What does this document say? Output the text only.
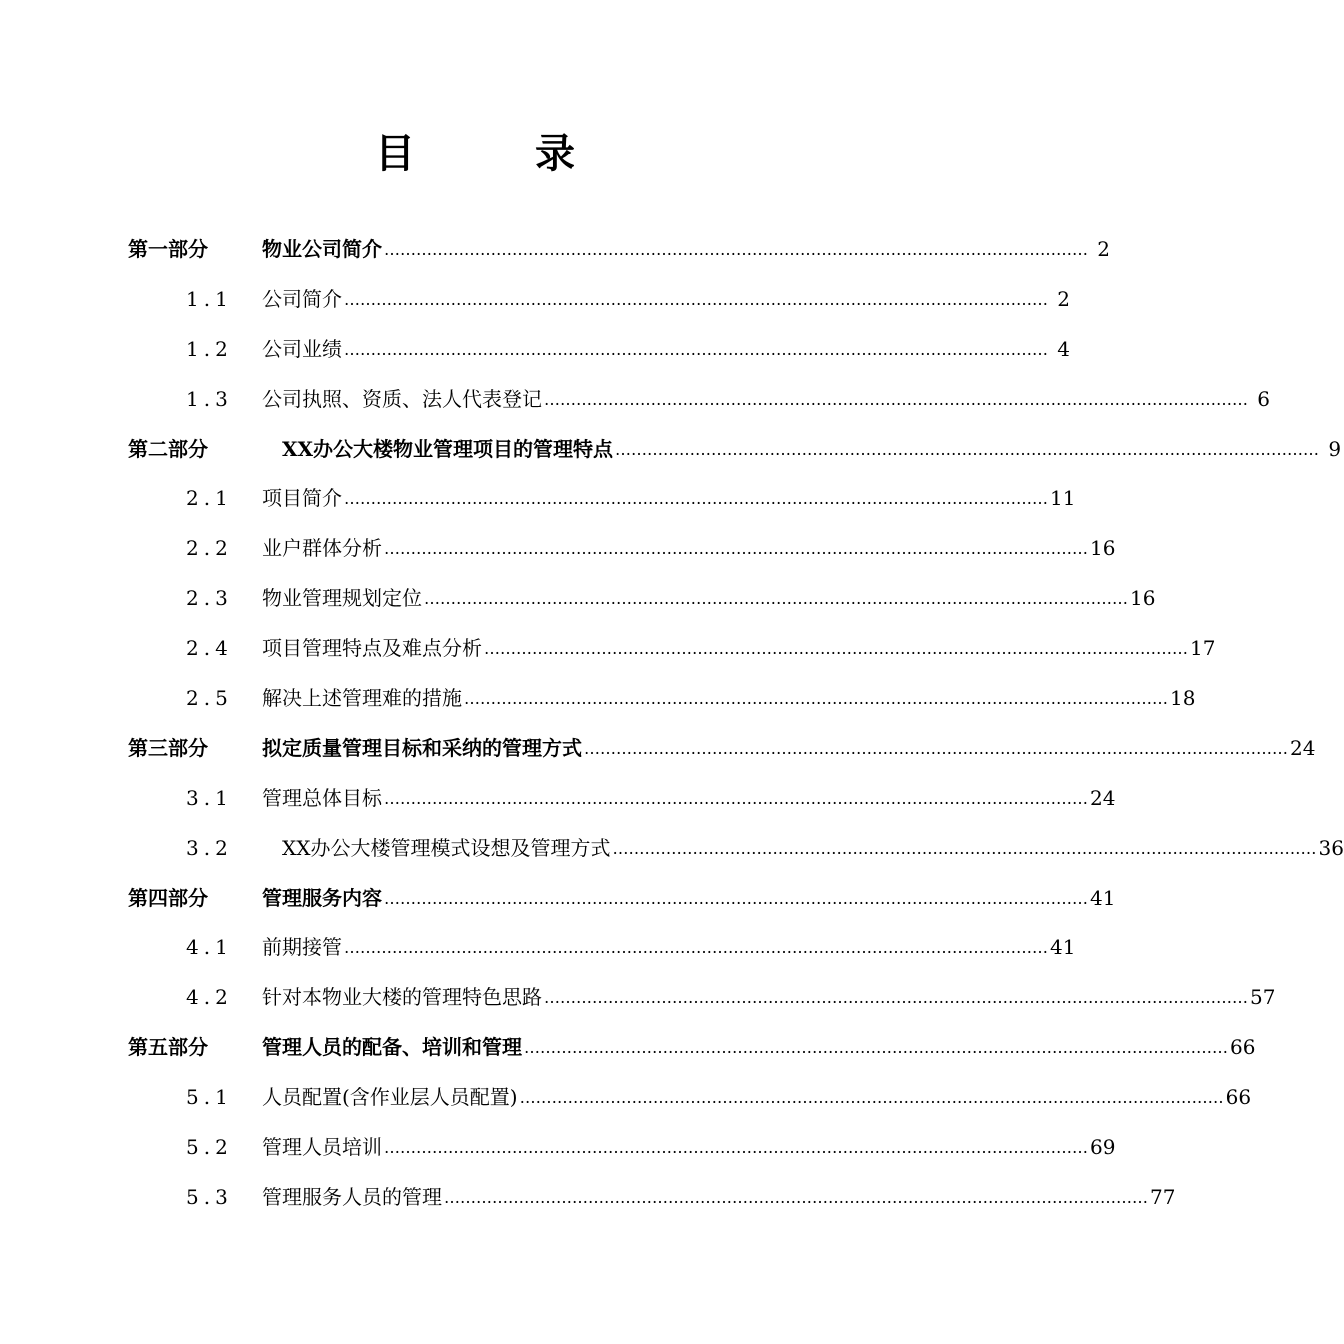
目	录
第一部分	物业公司简介 …………………………………………………………………………………………………………………… 2
1.1 公司简介 …………………………………………………………………………………………………………………… 2
1.2 公司业绩 …………………………………………………………………………………………………………………… 4
1.3 公司执照、资质、法人代表登记 …………………………………………………………………………………………………………………… 6
第二部分	XX办公大楼物业管理项目的管理特点 …………………………………………………………………………………………………………………… 9
2.1 项目简介 …………………………………………………………………………………………………………………… 11
2.2 业户群体分析 …………………………………………………………………………………………………………………… 16
2.3 物业管理规划定位 …………………………………………………………………………………………………………………… 16
2.4 项目管理特点及难点分析 …………………………………………………………………………………………………………………… 17
2.5 解决上述管理难的措施 …………………………………………………………………………………………………………………… 18
第三部分	拟定质量管理目标和采纳的管理方式 …………………………………………………………………………………………………………………… 24
3.1 管理总体目标 …………………………………………………………………………………………………………………… 24
3.2	XX办公大楼管理模式设想及管理方式 …………………………………………………………………………………………………………………… 36
第四部分	管理服务内容 …………………………………………………………………………………………………………………… 41
4.1 前期接管 …………………………………………………………………………………………………………………… 41
4.2 针对本物业大楼的管理特色思路 …………………………………………………………………………………………………………………… 57
第五部分	管理人员的配备、培训和管理 …………………………………………………………………………………………………………………… 66
5.1 人员配置(含作业层人员配置) …………………………………………………………………………………………………………………… 66
5.2 管理人员培训 …………………………………………………………………………………………………………………… 69
5.3 管理服务人员的管理 …………………………………………………………………………………………………………………… 77
